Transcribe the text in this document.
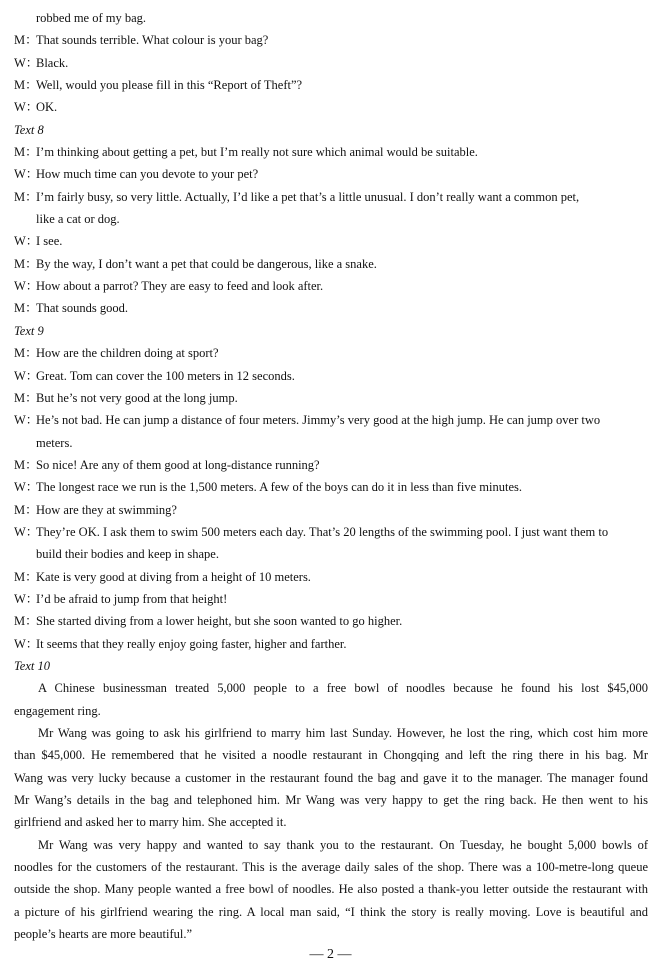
robbed me of my bag.
M：
That sounds terrible. What colour is your bag?
W：
Black.
M：
Well, would you please fill in this “Report of Theft”?
W：
OK.
Text 8
M：
I’m thinking about getting a pet, but I’m really not sure which animal would be suitable.
W：
How much time can you devote to your pet?
M：
I’m fairly busy, so very little. Actually, I’d like a pet that’s a little unusual. I don’t really want a common pet,
like a cat or dog.
W：
I see.
M：
By the way, I don’t want a pet that could be dangerous, like a snake.
W：
How about a parrot? They are easy to feed and look after.
M：
That sounds good.
Text 9
M：
How are the children doing at sport?
W：
Great. Tom can cover the 100 meters in 12 seconds.
M：
But he’s not very good at the long jump.
W：
He’s not bad. He can jump a distance of four meters. Jimmy’s very good at the high jump. He can jump over two
meters.
M：
So nice! Are any of them good at long-distance running?
W：
The longest race we run is the 1,500 meters. A few of the boys can do it in less than five minutes.
M：
How are they at swimming?
W：
They’re OK. I ask them to swim 500 meters each day. That’s 20 lengths of the swimming pool. I just want them to
build their bodies and keep in shape.
M：
Kate is very good at diving from a height of 10 meters.
W：
I’d be afraid to jump from that height!
M：
She started diving from a lower height, but she soon wanted to go higher.
W：
It seems that they really enjoy going faster, higher and farther.
Text 10
A Chinese businessman treated 5,000 people to a free bowl of noodles because he found his lost $45,000
engagement ring.
Mr Wang was going to ask his girlfriend to marry him last Sunday. However, he lost the ring, which cost him more
than $45,000. He remembered that he visited a noodle restaurant in Chongqing and left the ring there in his bag. Mr
Wang was very lucky because a customer in the restaurant found the bag and gave it to the manager. The manager found
Mr Wang’s details in the bag and telephoned him. Mr Wang was very happy to get the ring back. He then went to his
girlfriend and asked her to marry him. She accepted it.
Mr Wang was very happy and wanted to say thank you to the restaurant. On Tuesday, he bought 5,000 bowls of
noodles for the customers of the restaurant. This is the average daily sales of the shop. There was a 100-metre-long queue
outside the shop. Many people wanted a free bowl of noodles. He also posted a thank-you letter outside the restaurant with
a picture of his girlfriend wearing the ring. A local man said, “I think the story is really moving. Love is beautiful and
people’s hearts are more beautiful.”
— 2 —
